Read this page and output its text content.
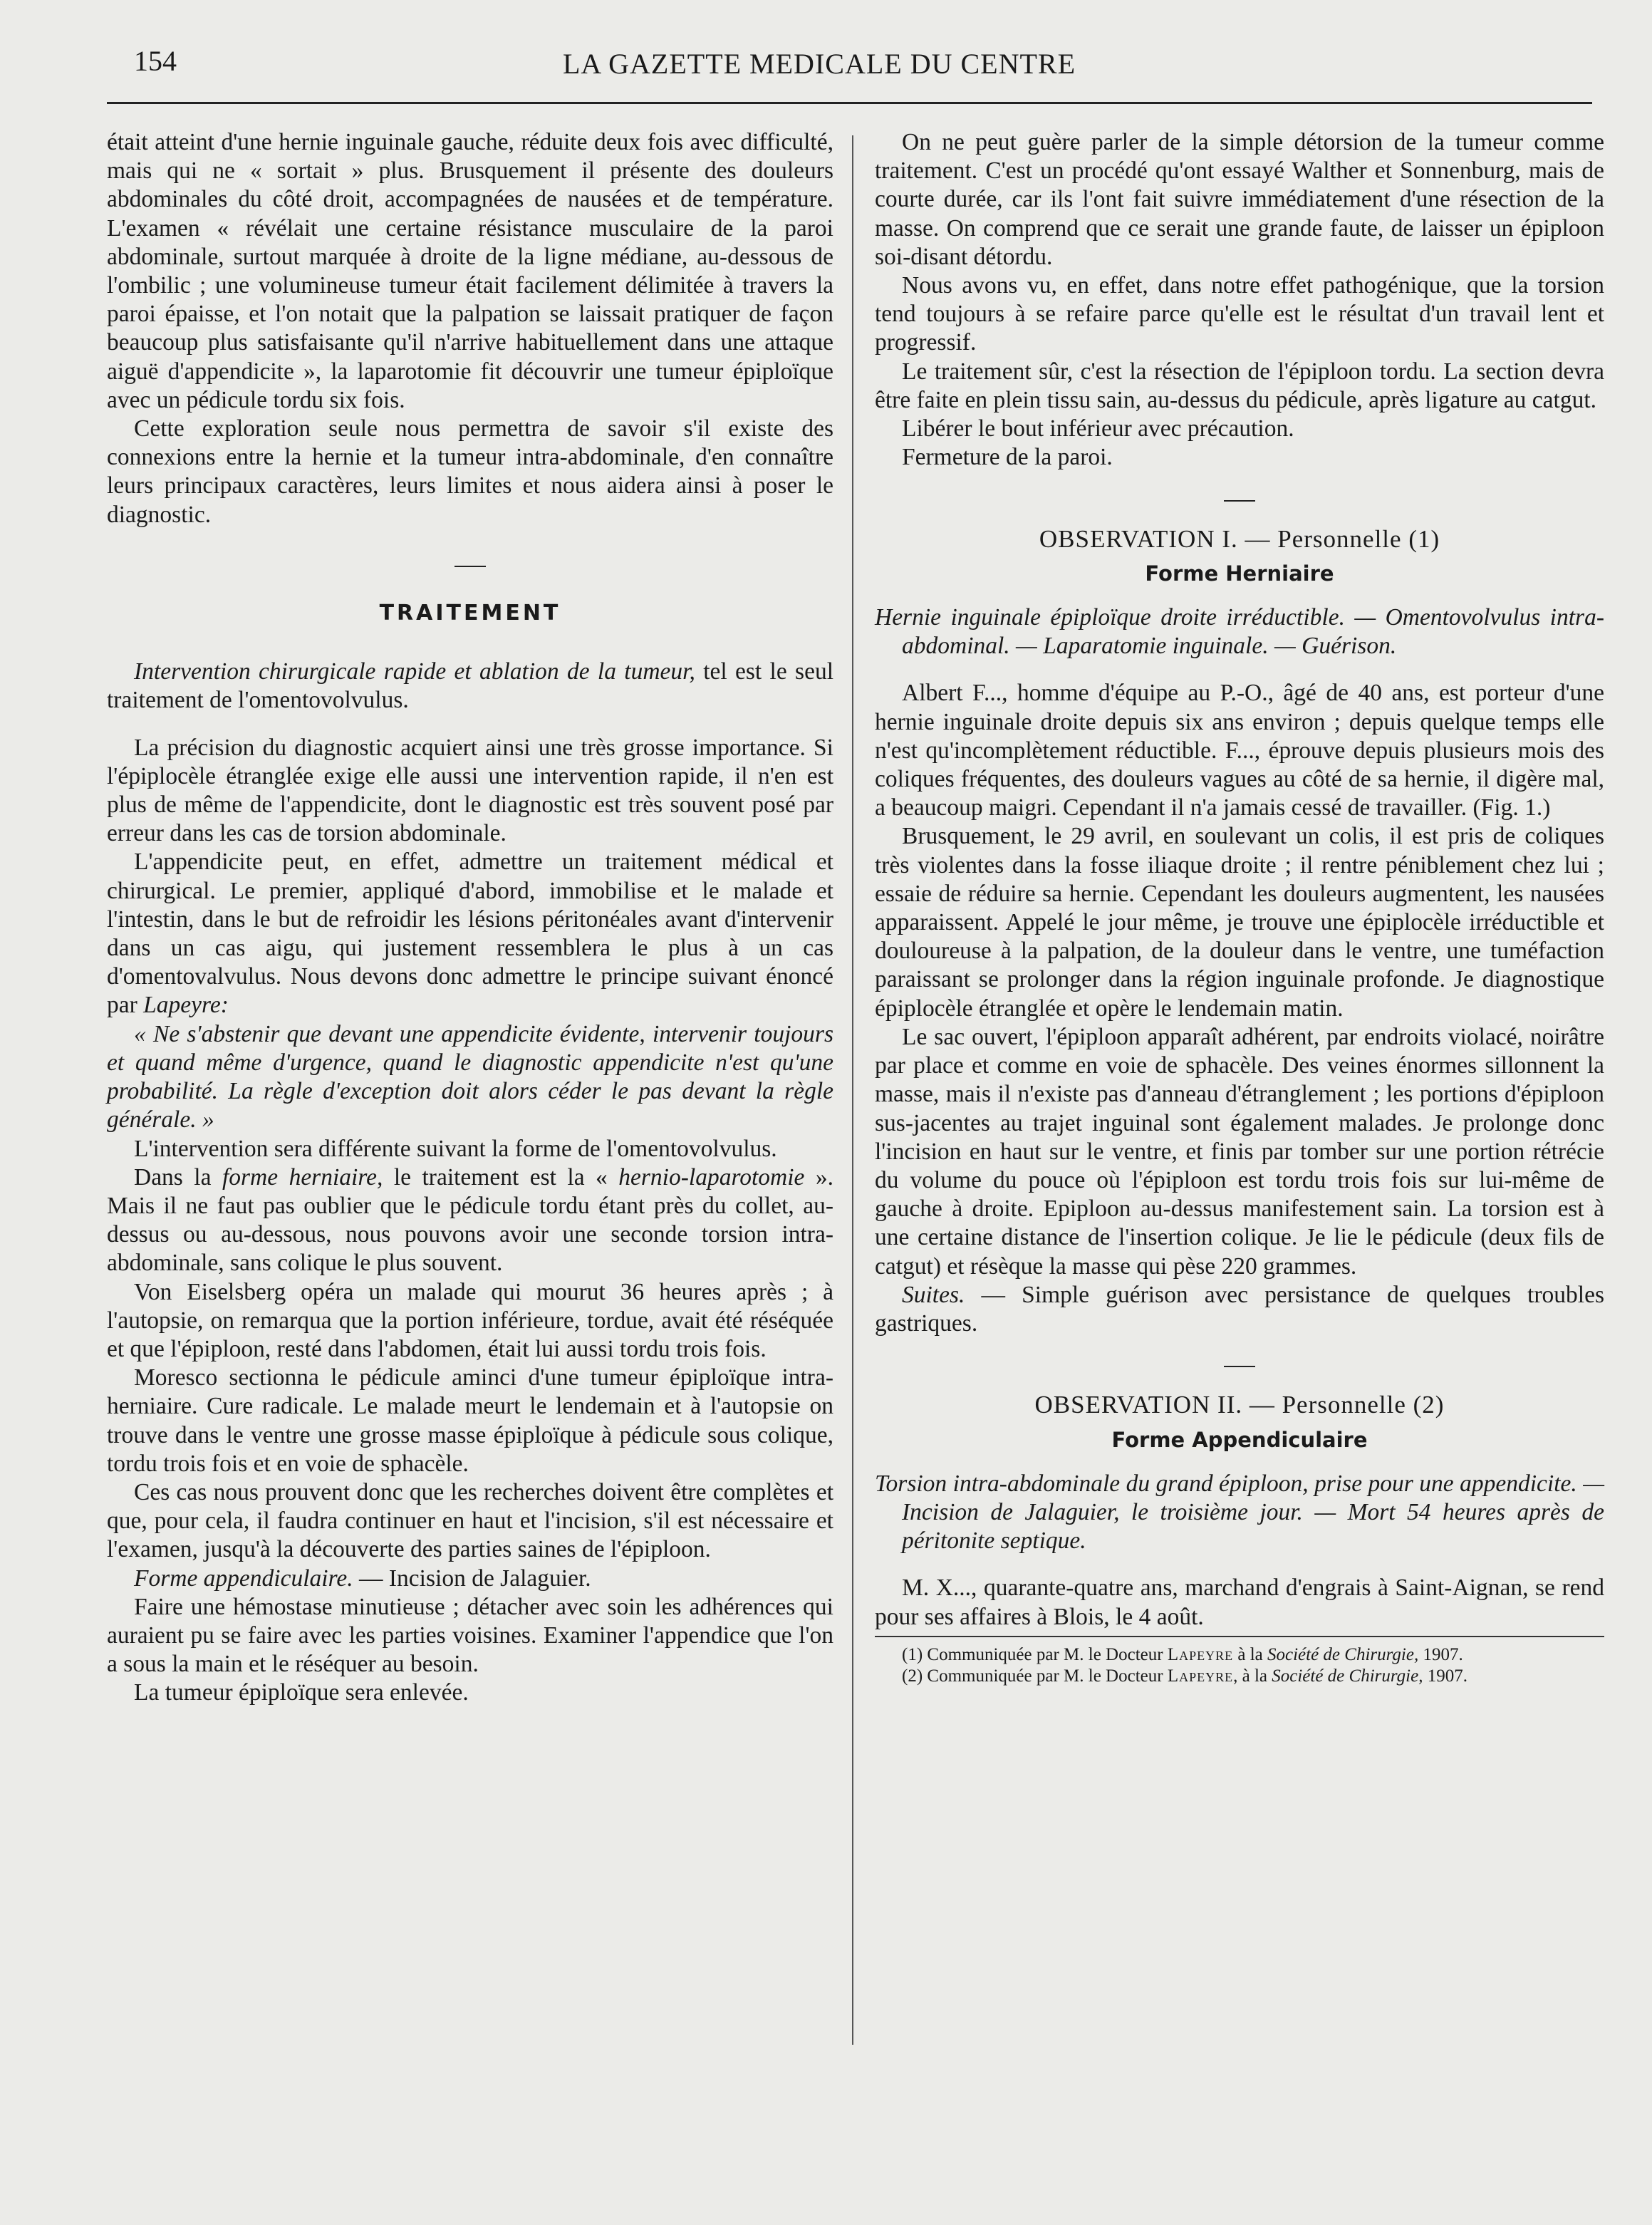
154	LA GAZETTE MEDICALE DU CENTRE

était atteint d'une hernie inguinale gauche, réduite deux fois avec difficulté, mais qui ne « sortait » plus. Brusquement il présente des douleurs abdominales du côté droit, accompagnées de nausées et de température. L'examen « révélait une certaine résistance musculaire de la paroi abdominale, surtout marquée à droite de la ligne médiane, au-dessous de l'ombilic ; une volumineuse tumeur était facilement délimitée à travers la paroi épaisse, et l'on notait que la palpation se laissait pratiquer de façon beaucoup plus satisfaisante qu'il n'arrive habituellement dans une attaque aiguë d'appendicite », la laparotomie fit découvrir une tumeur épiploïque avec un pédicule tordu six fois.

Cette exploration seule nous permettra de savoir s'il existe des connexions entre la hernie et la tumeur intra-abdominale, d'en connaître leurs principaux caractères, leurs limites et nous aidera ainsi à poser le diagnostic.

TRAITEMENT

Intervention chirurgicale rapide et ablation de la tumeur, tel est le seul traitement de l'omentovolvulus.

La précision du diagnostic acquiert ainsi une très grosse importance. Si l'épiplocèle étranglée exige elle aussi une intervention rapide, il n'en est plus de même de l'appendicite, dont le diagnostic est très souvent posé par erreur dans les cas de torsion abdominale.

L'appendicite peut, en effet, admettre un traitement médical et chirurgical. Le premier, appliqué d'abord, immobilise et le malade et l'intestin, dans le but de refroidir les lésions péritonéales avant d'intervenir dans un cas aigu, qui justement ressemblera le plus à un cas d'omentovalvulus. Nous devons donc admettre le principe suivant énoncé par Lapeyre:

« Ne s'abstenir que devant une appendicite évidente, intervenir toujours et quand même d'urgence, quand le diagnostic appendicite n'est qu'une probabilité. La règle d'exception doit alors céder le pas devant la règle générale. »

L'intervention sera différente suivant la forme de l'omentovolvulus.

Dans la forme herniaire, le traitement est la « hernio-laparotomie ». Mais il ne faut pas oublier que le pédicule tordu étant près du collet, au-dessus ou au-dessous, nous pouvons avoir une seconde torsion intra-abdominale, sans colique le plus souvent.

Von Eiselsberg opéra un malade qui mourut 36 heures après ; à l'autopsie, on remarqua que la portion inférieure, tordue, avait été réséquée et que l'épiploon, resté dans l'abdomen, était lui aussi tordu trois fois.

Moresco sectionna le pédicule aminci d'une tumeur épiploïque intra-herniaire. Cure radicale. Le malade meurt le lendemain et à l'autopsie on trouve dans le ventre une grosse masse épiploïque à pédicule sous colique, tordu trois fois et en voie de sphacèle.

Ces cas nous prouvent donc que les recherches doivent être complètes et que, pour cela, il faudra continuer en haut et l'incision, s'il est nécessaire et l'examen, jusqu'à la découverte des parties saines de l'épiploon.

Forme appendiculaire. — Incision de Jalaguier.

Faire une hémostase minutieuse ; détacher avec soin les adhérences qui auraient pu se faire avec les parties voisines. Examiner l'appendice que l'on a sous la main et le réséquer au besoin.

La tumeur épiploïque sera enlevée.

On ne peut guère parler de la simple détorsion de la tumeur comme traitement. C'est un procédé qu'ont essayé Walther et Sonnenburg, mais de courte durée, car ils l'ont fait suivre immédiatement d'une résection de la masse. On comprend que ce serait une grande faute, de laisser un épiploon soi-disant détordu.

Nous avons vu, en effet, dans notre effet pathogénique, que la torsion tend toujours à se refaire parce qu'elle est le résultat d'un travail lent et progressif.

Le traitement sûr, c'est la résection de l'épiploon tordu. La section devra être faite en plein tissu sain, au-dessus du pédicule, après ligature au catgut.

Libérer le bout inférieur avec précaution.

Fermeture de la paroi.

OBSERVATION I. — Personnelle (1)
Forme Herniaire

Hernie inguinale épiploïque droite irréductible. — Omentovolvulus intra-abdominal. — Laparatomie inguinale. — Guérison.

Albert F..., homme d'équipe au P.-O., âgé de 40 ans, est porteur d'une hernie inguinale droite depuis six ans environ ; depuis quelque temps elle n'est qu'incomplètement réductible. F..., éprouve depuis plusieurs mois des coliques fréquentes, des douleurs vagues au côté de sa hernie, il digère mal, a beaucoup maigri. Cependant il n'a jamais cessé de travailler. (Fig. 1.)

Brusquement, le 29 avril, en soulevant un colis, il est pris de coliques très violentes dans la fosse iliaque droite ; il rentre péniblement chez lui ; essaie de réduire sa hernie. Cependant les douleurs augmentent, les nausées apparaissent. Appelé le jour même, je trouve une épiplocèle irréductible et douloureuse à la palpation, de la douleur dans le ventre, une tuméfaction paraissant se prolonger dans la région inguinale profonde. Je diagnostique épiplocèle étranglée et opère le lendemain matin.

Le sac ouvert, l'épiploon apparaît adhérent, par endroits violacé, noirâtre par place et comme en voie de sphacèle. Des veines énormes sillonnent la masse, mais il n'existe pas d'anneau d'étranglement ; les portions d'épiploon sus-jacentes au trajet inguinal sont également malades. Je prolonge donc l'incision en haut sur le ventre, et finis par tomber sur une portion rétrécie du volume du pouce où l'épiploon est tordu trois fois sur lui-même de gauche à droite. Epiploon au-dessus manifestement sain. La torsion est à une certaine distance de l'insertion colique. Je lie le pédicule (deux fils de catgut) et résèque la masse qui pèse 220 grammes.

Suites. — Simple guérison avec persistance de quelques troubles gastriques.

OBSERVATION II. — Personnelle (2)
Forme Appendiculaire

Torsion intra-abdominale du grand épiploon, prise pour une appendicite. — Incision de Jalaguier, le troisième jour. — Mort 54 heures après de péritonite septique.

M. X..., quarante-quatre ans, marchand d'engrais à Saint-Aignan, se rend pour ses affaires à Blois, le 4 août.

(1) Communiquée par M. le Docteur Lapeyre à la Société de Chirurgie, 1907.

(2) Communiquée par M. le Docteur Lapeyre, à la Société de Chirurgie, 1907.
